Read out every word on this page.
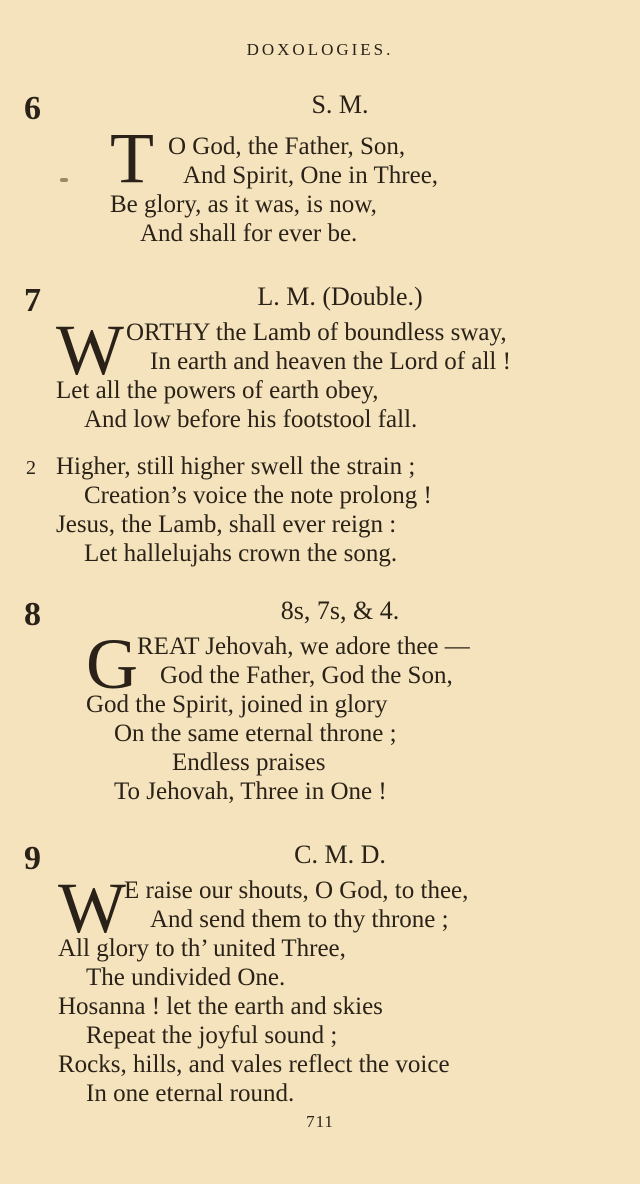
DOXOLOGIES.
6	S. M.
T O God, the Father, Son,
And Spirit, One in Three,
Be glory, as it was, is now,
And shall for ever be.
7	L. M. (Double.)
W ORTHY the Lamb of boundless sway,
In earth and heaven the Lord of all !
Let all the powers of earth obey,
And low before his footstool fall.
2 Higher, still higher swell the strain ;
Creation’s voice the note prolong !
Jesus, the Lamb, shall ever reign :
Let hallelujahs crown the song.
8	8s, 7s, & 4.
G REAT Jehovah, we adore thee —
God the Father, God the Son,
God the Spirit, joined in glory
On the same eternal throne ;
Endless praises
To Jehovah, Three in One !
9	C. M. D.
W
E raise our shouts, O God, to thee,
And send them to thy throne ;
All glory to th’ united Three,
The undivided One.
Hosanna ! let the earth and skies
Repeat the joyful sound ;
Rocks, hills, and vales reflect the voice
In one eternal round.
711
